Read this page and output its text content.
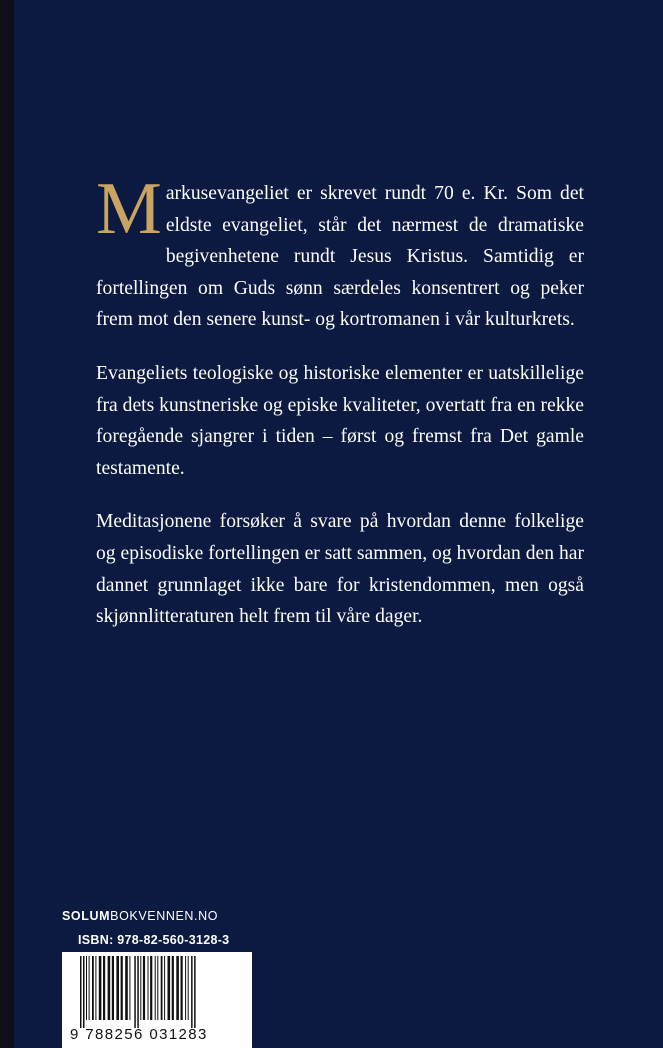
Markusevangeliet er skrevet rundt 70 e. Kr. Som det eldste evangeliet, står det nærmest de dramatiske begivenhetene rundt Jesus Kristus. Samtidig er fortellingen om Guds sønn særdeles konsentrert og peker frem mot den senere kunst- og kortromanen i vår kulturkrets.

Evangeliets teologiske og historiske elementer er uatskillelige fra dets kunstneriske og episke kvaliteter, overtatt fra en rekke foregående sjangrer i tiden – først og fremst fra Det gamle testamente.

Meditasjonene forsøker å svare på hvordan denne folkelige og episodiske fortellingen er satt sammen, og hvordan den har dannet grunnlaget ikke bare for kristendommen, men også skjønnlitteraturen helt frem til våre dager.

SOLUMBOKVENNEN.NO
ISBN: 978-82-560-3128-3
9 788256 031283
